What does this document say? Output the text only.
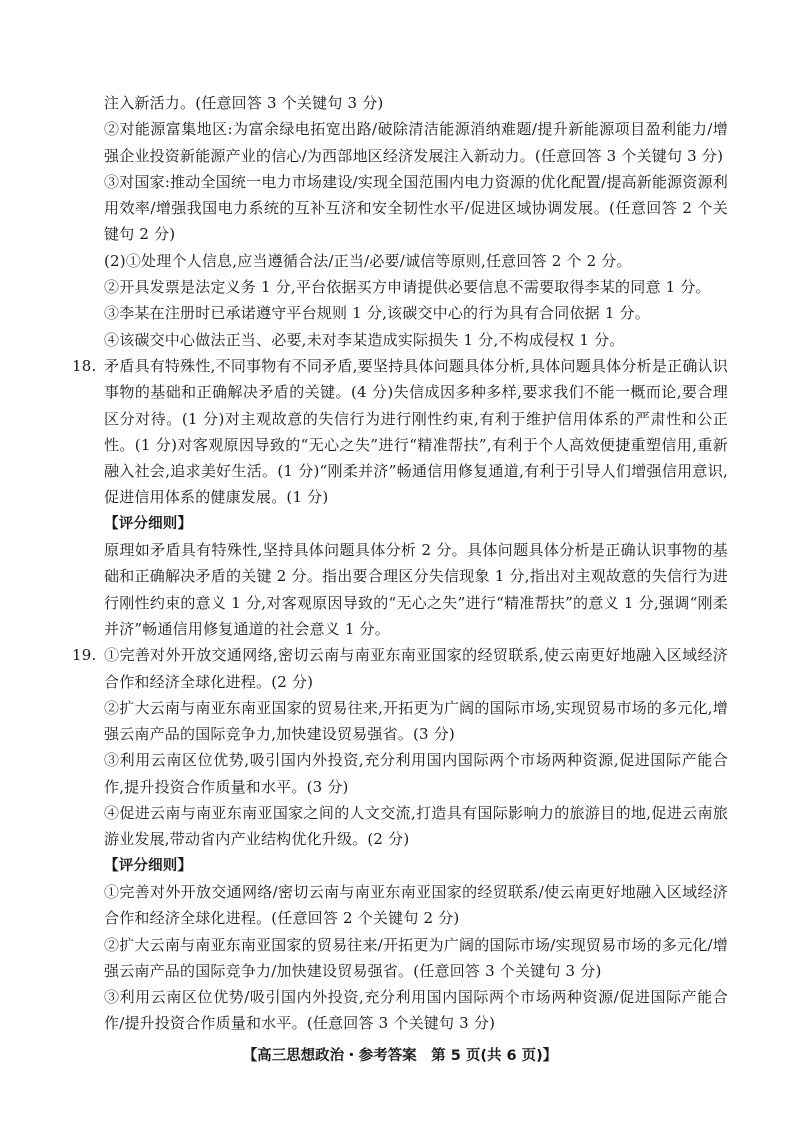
注入新活力。(任意回答 3 个关键句 3 分)

②对能源富集地区:为富余绿电拓宽出路/破除清洁能源消纳难题/提升新能源项目盈利能力/增强企业投资新能源产业的信心/为西部地区经济发展注入新动力。(任意回答 3 个关键句 3 分)

③对国家:推动全国统一电力市场建设/实现全国范围内电力资源的优化配置/提高新能源资源利用效率/增强我国电力系统的互补互济和安全韧性水平/促进区域协调发展。(任意回答 2 个关键句 2 分)

(2)①处理个人信息,应当遵循合法/正当/必要/诚信等原则,任意回答 2 个 2 分。

②开具发票是法定义务 1 分,平台依据买方申请提供必要信息不需要取得李某的同意 1 分。

③李某在注册时已承诺遵守平台规则 1 分,该碳交中心的行为具有合同依据 1 分。

④该碳交中心做法正当、必要,未对李某造成实际损失 1 分,不构成侵权 1 分。

18. 矛盾具有特殊性,不同事物有不同矛盾,要坚持具体问题具体分析,具体问题具体分析是正确认识事物的基础和正确解决矛盾的关键。(4 分)失信成因多种多样,要求我们不能一概而论,要合理区分对待。(1 分)对主观故意的失信行为进行刚性约束,有利于维护信用体系的严肃性和公正性。(1 分)对客观原因导致的“无心之失”进行“精准帮扶”,有利于个人高效便捷重塑信用,重新融入社会,追求美好生活。(1 分)“刚柔并济”畅通信用修复通道,有利于引导人们增强信用意识,促进信用体系的健康发展。(1 分)

【评分细则】

原理如矛盾具有特殊性,坚持具体问题具体分析 2 分。具体问题具体分析是正确认识事物的基础和正确解决矛盾的关键 2 分。指出要合理区分失信现象 1 分,指出对主观故意的失信行为进行刚性约束的意义 1 分,对客观原因导致的“无心之失”进行“精准帮扶”的意义 1 分,强调“刚柔并济”畅通信用修复通道的社会意义 1 分。

19. ①完善对外开放交通网络,密切云南与南亚东南亚国家的经贸联系,使云南更好地融入区域经济合作和经济全球化进程。(2 分)

②扩大云南与南亚东南亚国家的贸易往来,开拓更为广阔的国际市场,实现贸易市场的多元化,增强云南产品的国际竞争力,加快建设贸易强省。(3 分)

③利用云南区位优势,吸引国内外投资,充分利用国内国际两个市场两种资源,促进国际产能合作,提升投资合作质量和水平。(3 分)

④促进云南与南亚东南亚国家之间的人文交流,打造具有国际影响力的旅游目的地,促进云南旅游业发展,带动省内产业结构优化升级。(2 分)

【评分细则】

①完善对外开放交通网络/密切云南与南亚东南亚国家的经贸联系/使云南更好地融入区域经济合作和经济全球化进程。(任意回答 2 个关键句 2 分)

②扩大云南与南亚东南亚国家的贸易往来/开拓更为广阔的国际市场/实现贸易市场的多元化/增强云南产品的国际竞争力/加快建设贸易强省。(任意回答 3 个关键句 3 分)

③利用云南区位优势/吸引国内外投资,充分利用国内国际两个市场两种资源/促进国际产能合作/提升投资合作质量和水平。(任意回答 3 个关键句 3 分)

【高三思想政治・参考答案　第 5 页(共 6 页)】
